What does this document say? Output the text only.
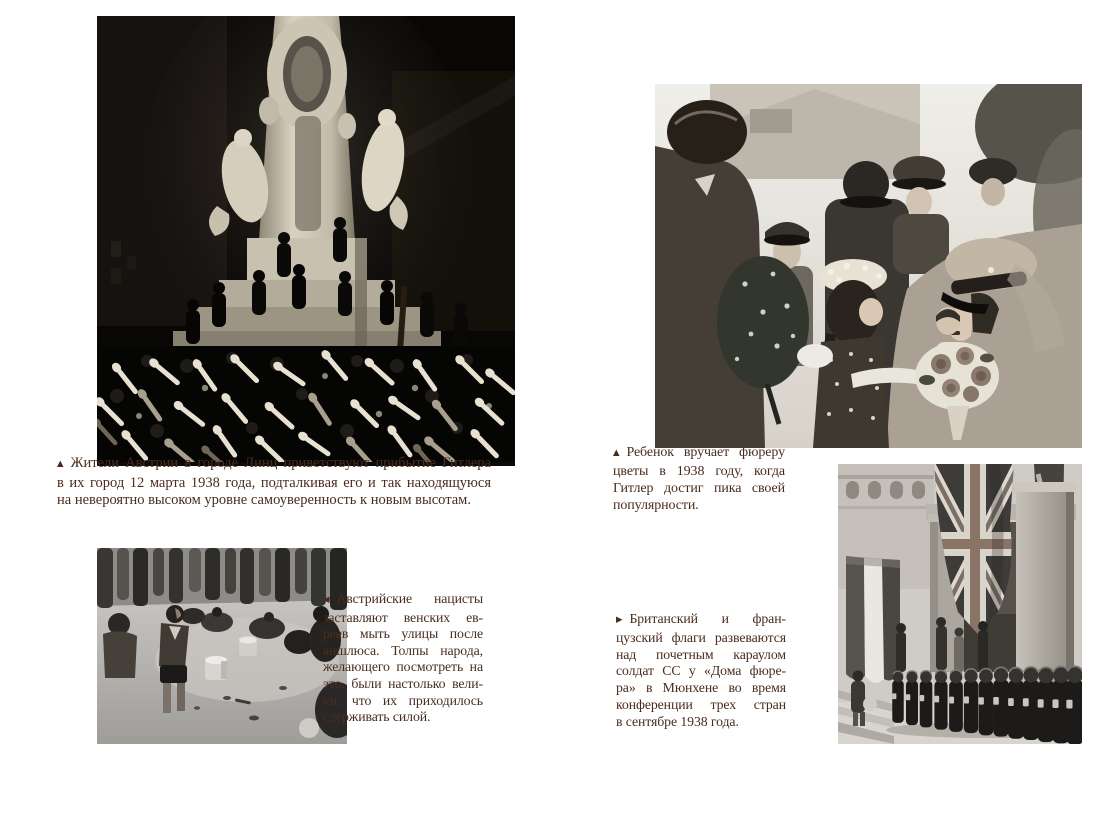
▲ Жители Австрии в городе Линц приветствуют прибытие Гитлера
в их город 12 марта 1938 года, подталкивая его и так находящуюся
на невероятно высоком уровне самоуверенность к новым высотам.
◀ Австрийские нацисты
заставляют венских ев-
реев мыть улицы после
аншлюса. Толпы народа,
желающего посмотреть на
это, были настолько вели-
ки, что их приходилось
сдерживать силой.
▲ Ребенок вручает фюреру
цветы в 1938 году, когда
Гитлер достиг пика своей
популярности.
▶ Британский и фран-
цузский флаги развеваются
над почетным караулом
солдат СС у «Дома фюре-
ра» в Мюнхене во время
конференции трех стран
в сентябре 1938 года.
